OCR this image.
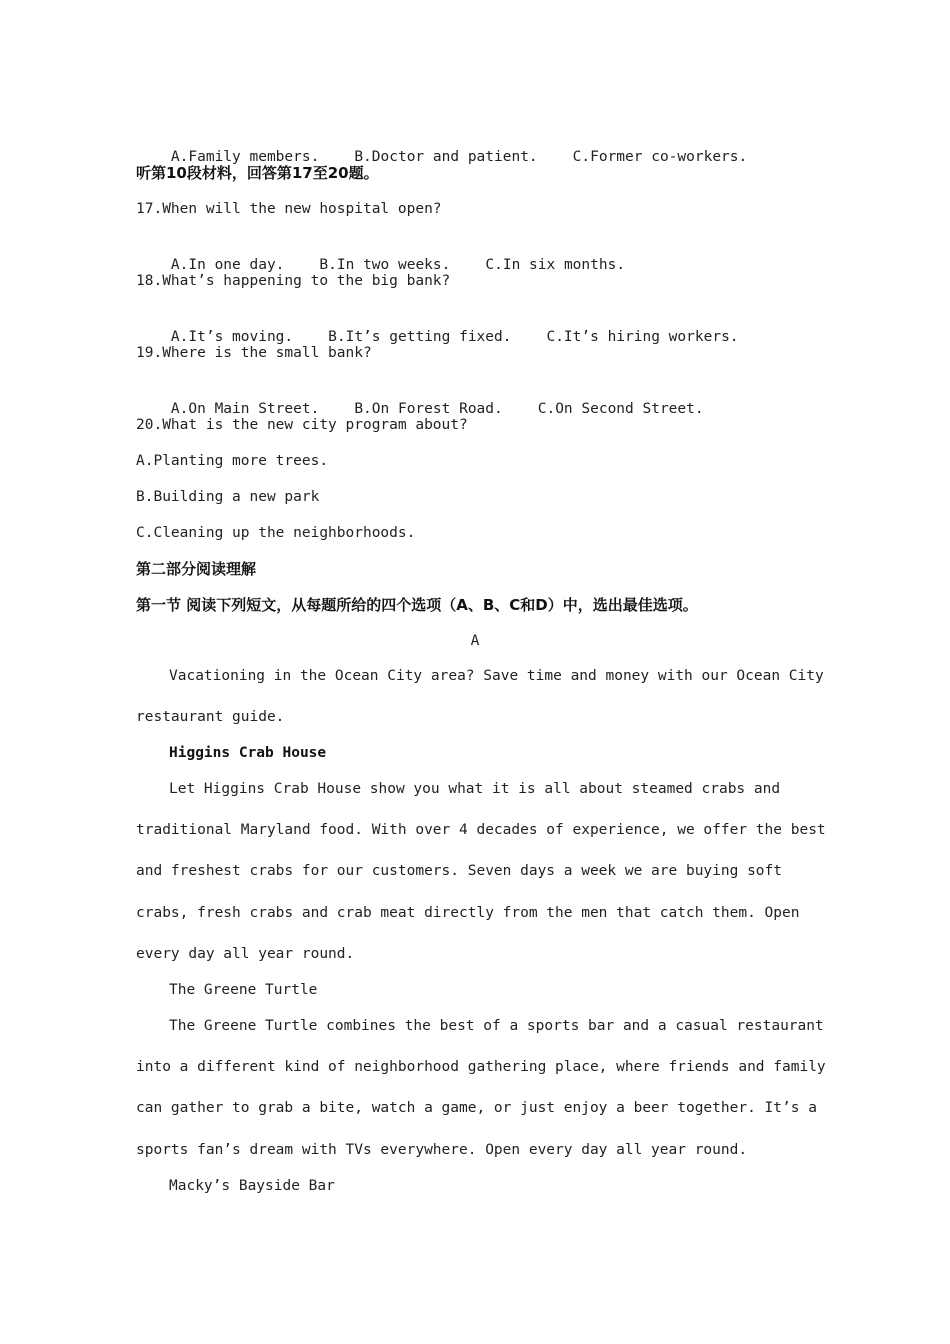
A.Family members. B.Doctor and patient. C.Former co-workers.

听第10段材料，回答第17至20题。
17.When will the new hospital open?

A.In one day. B.In two weeks. C.In six months.

18.What’s happening to the big bank?

A.It’s moving. B.It’s getting fixed. C.It’s hiring workers.

19.Where is the small bank?

A.On Main Street. B.On Forest Road. C.On Second Street.

20.What is the new city program about?
A.Planting more trees.
B.Building a new park
C.Cleaning up the neighborhoods.
第二部分阅读理解
第一节 阅读下列短文，从每题所给的四个选项（A、B、C和D）中，选出最佳选项。
A
Vacationing in the Ocean City area? Save time and money with our Ocean City
restaurant guide.
Higgins Crab House
Let Higgins Crab House show you what it is all about steamed crabs and
traditional Maryland food. With over 4 decades of experience, we offer the best
and freshest crabs for our customers. Seven days a week we are buying soft
crabs, fresh crabs and crab meat directly from the men that catch them. Open
every day all year round.
The Greene Turtle
The Greene Turtle combines the best of a sports bar and a casual restaurant
into a different kind of neighborhood gathering place, where friends and family
can gather to grab a bite, watch a game, or just enjoy a beer together. It’s a
sports fan’s dream with TVs everywhere. Open every day all year round.
Macky’s Bayside Bar
